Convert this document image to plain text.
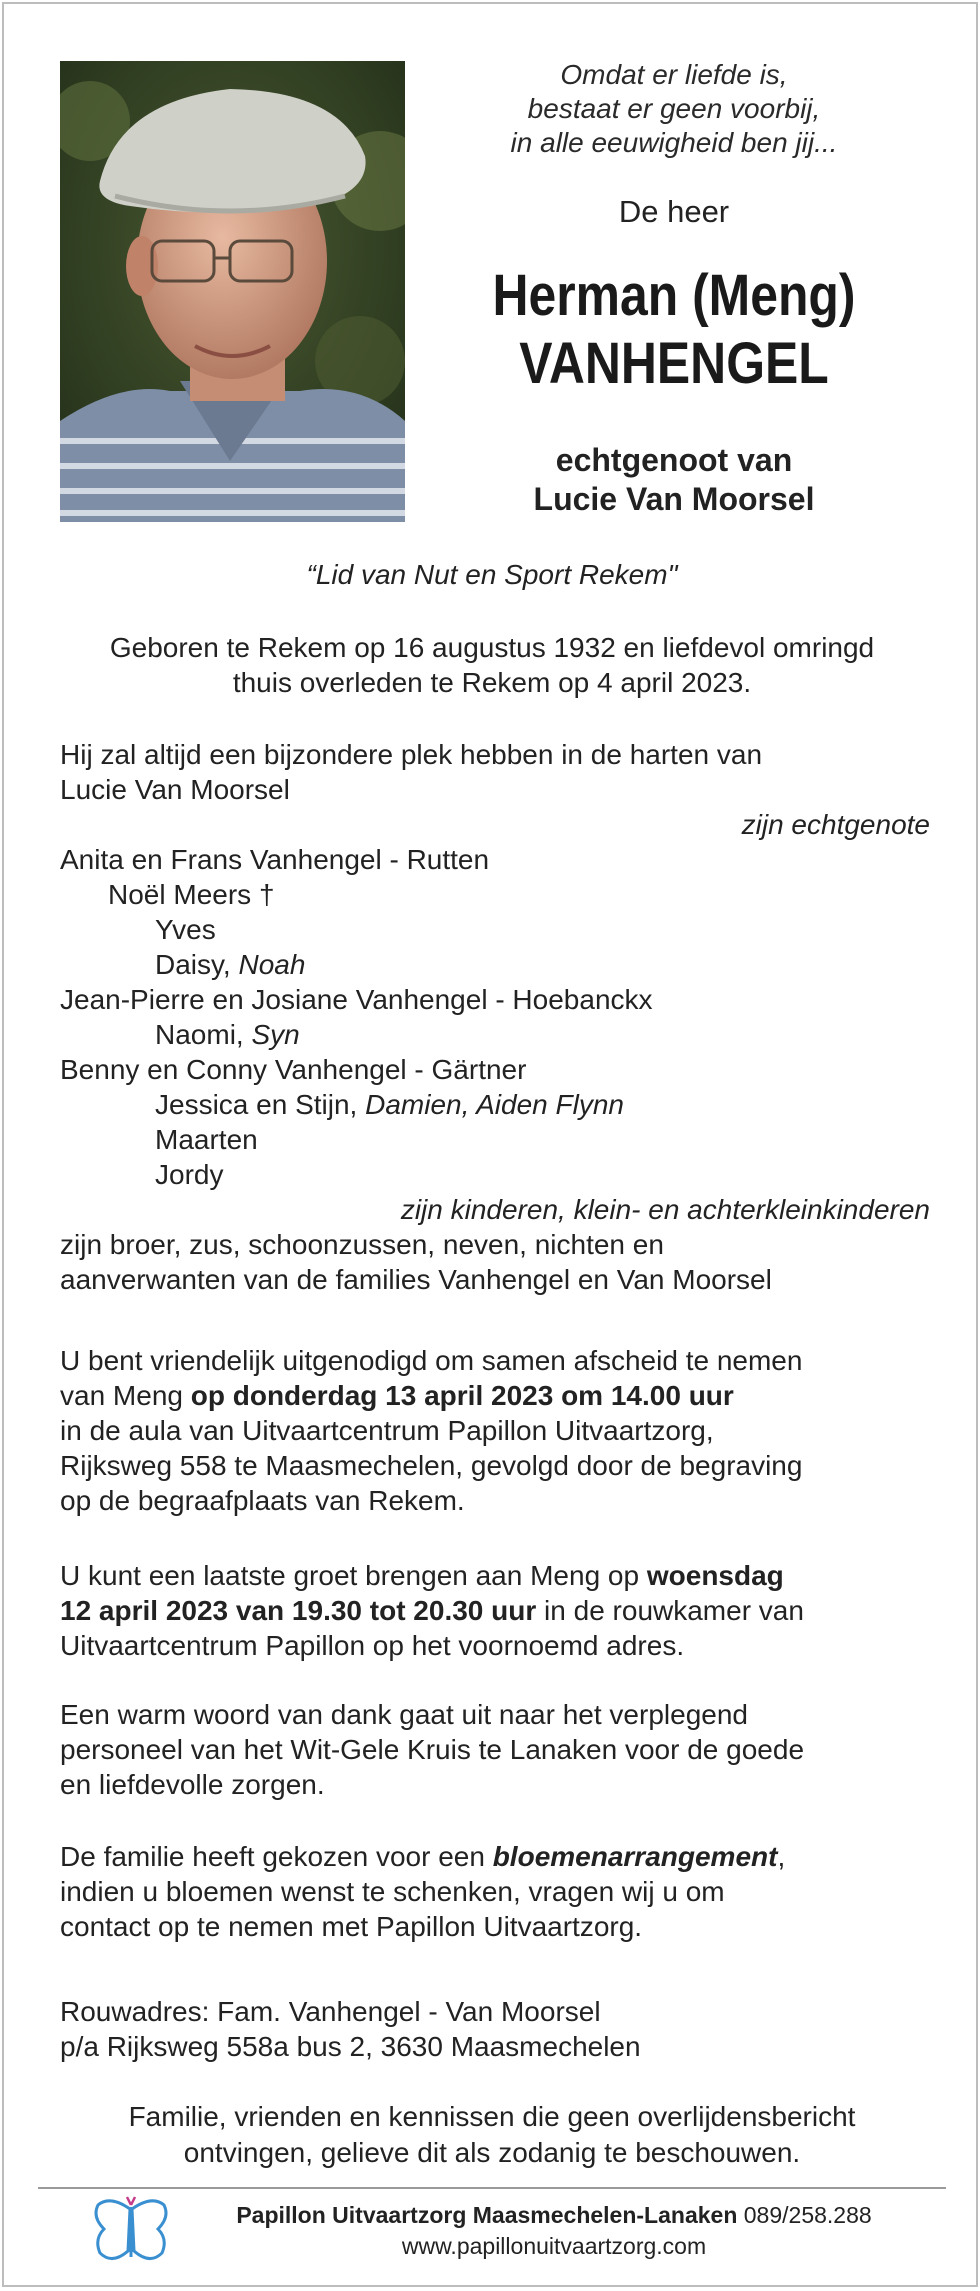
Omdat er liefde is,
bestaat er geen voorbij,
in alle eeuwigheid ben jij...
De heer
Herman (Meng)
VANHENGEL
echtgenoot van
Lucie Van Moorsel
“Lid van Nut en Sport Rekem"
Geboren te Rekem op 16 augustus 1932 en liefdevol omringd
thuis overleden te Rekem op 4 april 2023.

Hij zal altijd een bijzondere plek hebben in de harten van

Lucie Van Moorsel

zijn echtgenote

Anita en Frans Vanhengel - Rutten

Noël Meers †

Yves

Daisy, Noah

Jean-Pierre en Josiane Vanhengel - Hoebanckx

Naomi, Syn

Benny en Conny Vanhengel - Gärtner

Jessica en Stijn, Damien, Aiden Flynn

Maarten

Jordy

zijn kinderen, klein- en achterkleinkinderen

zijn broer, zus, schoonzussen, neven, nichten en

aanverwanten van de families Vanhengel en Van Moorsel

U bent vriendelijk uitgenodigd om samen afscheid te nemen

van Meng op donderdag 13 april 2023 om 14.00 uur

in de aula van Uitvaartcentrum Papillon Uitvaartzorg,

Rijksweg 558 te Maasmechelen, gevolgd door de begraving

op de begraafplaats van Rekem.

U kunt een laatste groet brengen aan Meng op woensdag

12 april 2023 van 19.30 tot 20.30 uur in de rouwkamer van

Uitvaartcentrum Papillon op het voornoemd adres.

Een warm woord van dank gaat uit naar het verplegend

personeel van het Wit-Gele Kruis te Lanaken voor de goede

en liefdevolle zorgen.

De familie heeft gekozen voor een bloemenarrangement,

indien u bloemen wenst te schenken, vragen wij u om

contact op te nemen met Papillon Uitvaartzorg.

Rouwadres: Fam. Vanhengel - Van Moorsel

p/a Rijksweg 558a bus 2, 3630 Maasmechelen

Familie, vrienden en kennissen die geen overlijdensbericht
ontvingen, gelieve dit als zodanig te beschouwen.
Papillon Uitvaartzorg Maasmechelen-Lanaken 089/258.288
www.papillonuitvaartzorg.com
